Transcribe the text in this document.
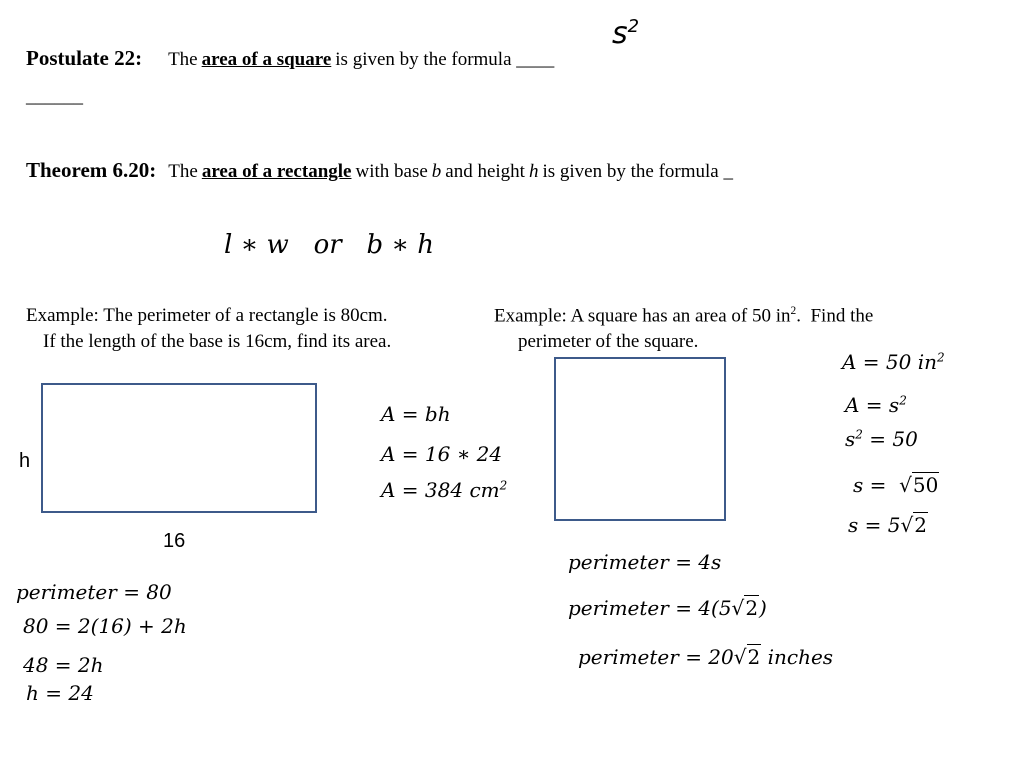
Postulate 22: The area of a square is given by the formula ____
$s^2$
______
Theorem 6.20: The area of a rectangle with base b and height h is given by the formula _
l ∗ w   or   b ∗ h
Example: The perimeter of a rectangle is 80cm.
If the length of the base is 16cm, find its area.
Example: A square has an area of 50 $in^2$.  Find the
perimeter of the square.
h
16
A = bh
A = 16 ∗ 24
A = 384 $cm^2$
perimeter = 80
80 = 2(16) + 2h
48 = 2h
h = 24
A = 50 $in^2$
$A = s^2$
$s^2 = 50$
s =  √50
s = 5√2
perimeter = 4s
perimeter = 4(5√2)
perimeter = 20√2 inches
